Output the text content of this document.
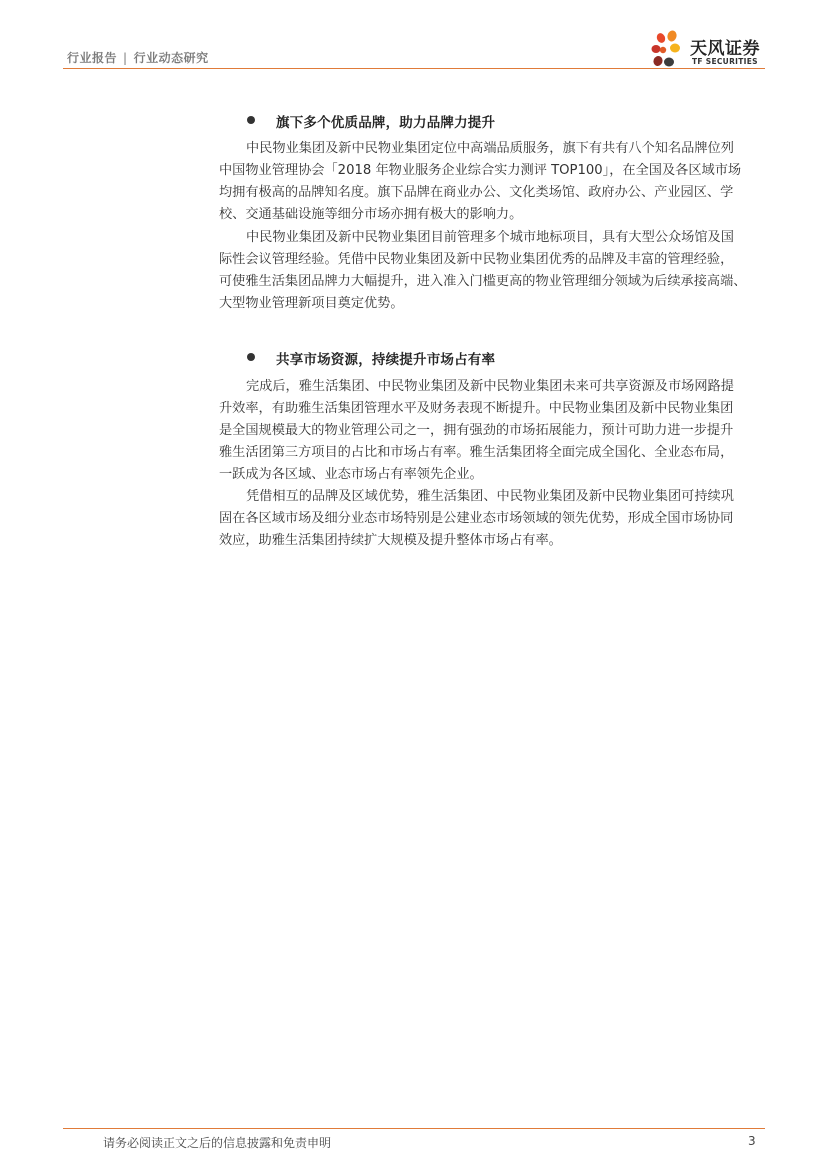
行业报告 | 行业动态研究	天风证券
TF SECURITIES
旗下多个优质品牌，助力品牌力提升
中民物业集团及新中民物业集团定位中高端品质服务，旗下有共有八个知名品牌位列
中国物业管理协会「2018 年物业服务企业综合实力测评 TOP100」，在全国及各区域市场
均拥有极高的品牌知名度。旗下品牌在商业办公、文化类场馆、政府办公、产业园区、学
校、交通基础设施等细分市场亦拥有极大的影响力。
中民物业集团及新中民物业集团目前管理多个城市地标项目，具有大型公众场馆及国
际性会议管理经验。凭借中民物业集团及新中民物业集团优秀的品牌及丰富的管理经验，
可使雅生活集团品牌力大幅提升，进入准入门槛更高的物业管理细分领域为后续承接高端、
大型物业管理新项目奠定优势。
共享市场资源，持续提升市场占有率
完成后，雅生活集团、中民物业集团及新中民物业集团未来可共享资源及市场网路提
升效率，有助雅生活集团管理水平及财务表现不断提升。中民物业集团及新中民物业集团
是全国规模最大的物业管理公司之一，拥有强劲的市场拓展能力，预计可助力进一步提升
雅生活团第三方项目的占比和市场占有率。雅生活集团将全面完成全国化、全业态布局，
一跃成为各区域、业态市场占有率领先企业。
凭借相互的品牌及区域优势，雅生活集团、中民物业集团及新中民物业集团可持续巩
固在各区域市场及细分业态市场特别是公建业态市场领域的领先优势，形成全国市场协同
效应，助雅生活集团持续扩大规模及提升整体市场占有率。
请务必阅读正文之后的信息披露和免责申明	3
